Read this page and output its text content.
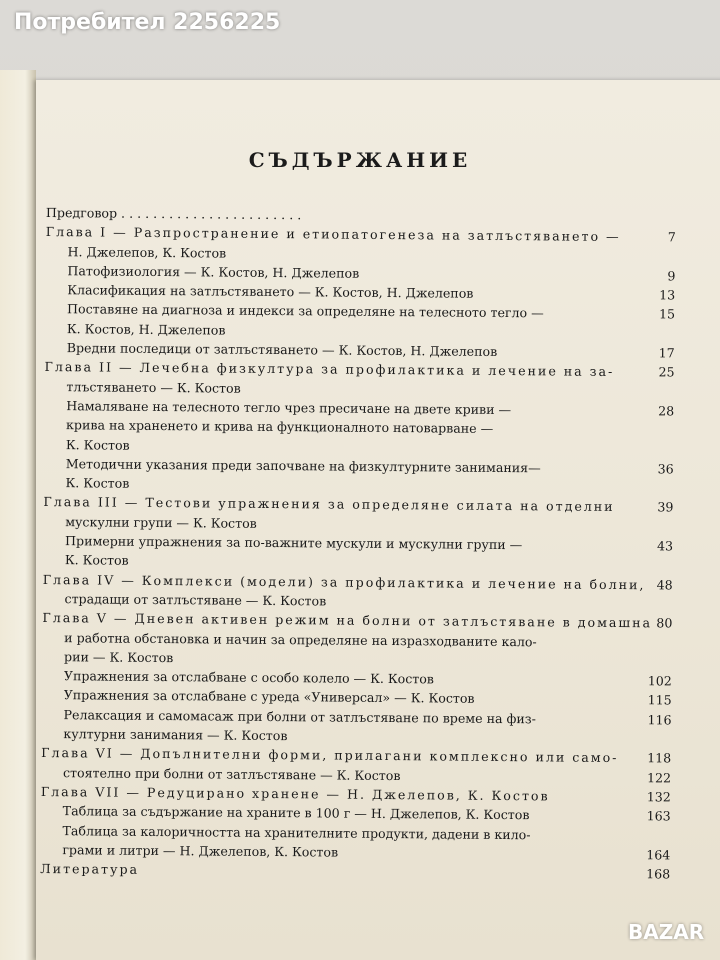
Потребител 2256225
СЪДЪРЖАНИЕ
Предговор . . . . . . . . . . . . . . . . . . . . . . .
Глава I — Разпространение и етиопатогенеза на затлъстяването —	7
Н. Джелепов, К. Костов
Патофизиология — К. Костов, Н. Джелепов	9
Класификация на затлъстяването — К. Костов, Н. Джелепов	13
Поставяне на диагноза и индекси за определяне на телесното тегло —	15
К. Костов, Н. Джелепов
Вредни последици от затлъстяването — К. Костов, Н. Джелепов	17
Глава II — Лечебна физкултура за профилактика и лечение на за-	25
тлъстяването — К. Костов
Намаляване на телесното тегло чрез пресичане на двете криви —	28
крива на храненето и крива на функционалното натоварване —
К. Костов
Методични указания преди започване на физкултурните занимания—	36
К. Костов
Глава III — Тестови упражнения за определяне силата на отделни	39
мускулни групи — К. Костов
Примерни упражнения за по-важните мускули и мускулни групи —	43
К. Костов
Глава IV — Комплекси (модели) за профилактика и лечение на болни, 48
страдащи от затлъстяване — К. Костов
Глава V — Дневен активен режим на болни от затлъстяване в домашна 80
и работна обстановка и начин за определяне на изразходваните кало-
рии — К. Костов
Упражнения за отслабване с особо колело — К. Костов	102
Упражнения за отслабване с уреда «Универсал» — К. Костов	115
Релаксация и самомасаж при болни от затлъстяване по време на физ-	116
културни занимания — К. Костов
Глава VI — Допълнителни форми, прилагани комплексно или само- 118
стоятелно при болни от затлъстяване — К. Костов	122
Глава VII — Редуцирано хранене — Н. Джелепов, К. Костов	132
Таблица за съдържание на храните в 100 г — Н. Джелепов, К. Костов	163
Таблица за калоричността на хранителните продукти, дадени в кило-
грами и литри — Н. Джелепов, К. Костов	164
Литература	168
BAZAR
